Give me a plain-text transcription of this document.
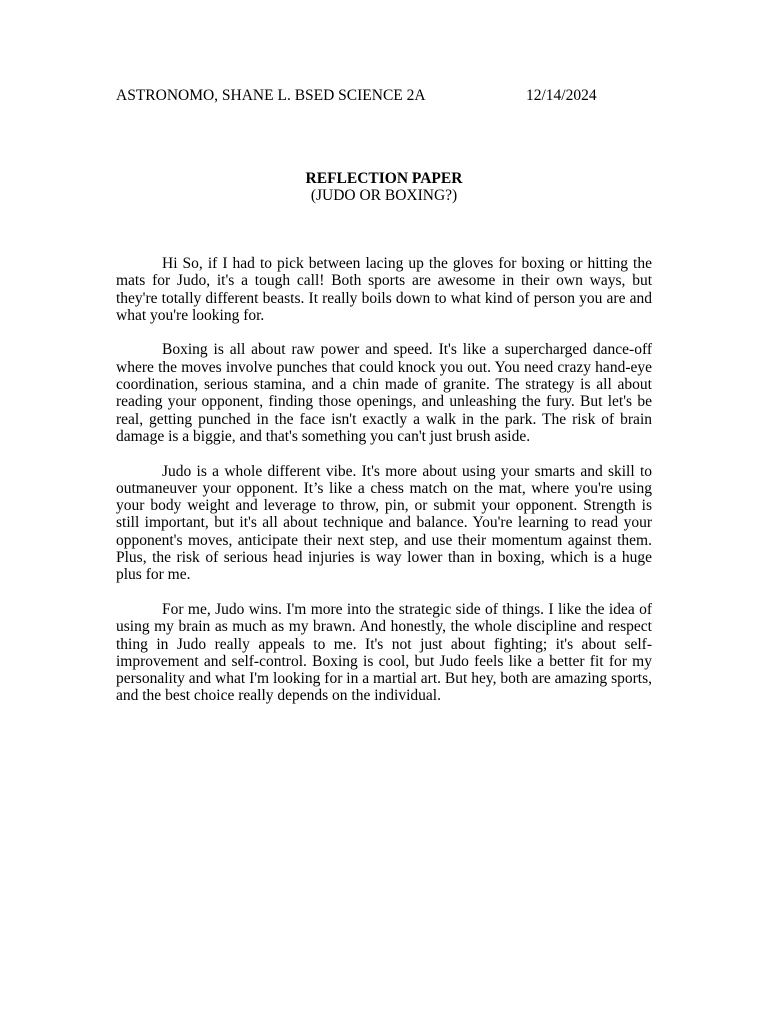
ASTRONOMO, SHANE L. BSED SCIENCE 2A	12/14/2024
REFLECTION PAPER
(JUDO OR BOXING?)

Hi So, if I had to pick between lacing up the gloves for boxing or hitting the mats for Judo, it's a tough call! Both sports are awesome in their own ways, but they're totally different beasts. It really boils down to what kind of person you are and what you're looking for.

Boxing is all about raw power and speed. It's like a supercharged dance-off where the moves involve punches that could knock you out. You need crazy hand-eye coordination, serious stamina, and a chin made of granite. The strategy is all about reading your opponent, finding those openings, and unleashing the fury. But let's be real, getting punched in the face isn't exactly a walk in the park. The risk of brain damage is a biggie, and that's something you can't just brush aside.

Judo is a whole different vibe. It's more about using your smarts and skill to outmaneuver your opponent. It’s like a chess match on the mat, where you're using your body weight and leverage to throw, pin, or submit your opponent. Strength is still important, but it's all about technique and balance. You're learning to read your opponent's moves, anticipate their next step, and use their momentum against them. Plus, the risk of serious head injuries is way lower than in boxing, which is a huge plus for me.

For me, Judo wins. I'm more into the strategic side of things. I like the idea of using my brain as much as my brawn. And honestly, the whole discipline and respect thing in Judo really appeals to me. It's not just about fighting; it's about self-improvement and self-control. Boxing is cool, but Judo feels like a better fit for my personality and what I'm looking for in a martial art. But hey, both are amazing sports, and the best choice really depends on the individual.
